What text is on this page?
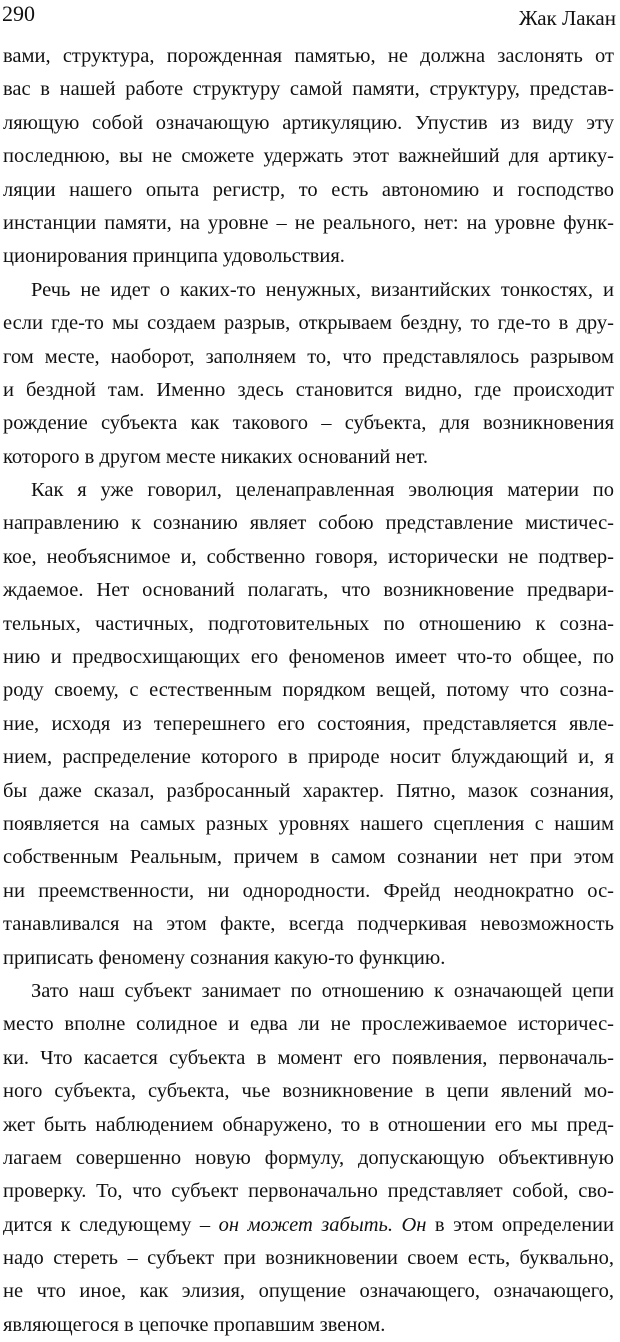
290	Жак Лакан
вами, структура, порожденная памятью, не должна заслонять от
вас в нашей работе структуру самой памяти, структуру, представ-
ляющую собой означающую артикуляцию. Упустив из виду эту
последнюю, вы не сможете удержать этот важнейший для артику-
ляции нашего опыта регистр, то есть автономию и господство
инстанции памяти, на уровне – не реального, нет: на уровне функ-
ционирования принципа удовольствия.
Речь не идет о каких-то ненужных, византийских тонкостях, и
если где-то мы создаем разрыв, открываем бездну, то где-то в дру-
гом месте, наоборот, заполняем то, что представлялось разрывом
и бездной там. Именно здесь становится видно, где происходит
рождение субъекта как такового – субъекта, для возникновения
которого в другом месте никаких оснований нет.
Как я уже говорил, целенаправленная эволюция материи по
направлению к сознанию являет собою представление мистичес-
кое, необъяснимое и, собственно говоря, исторически не подтвер-
ждаемое. Нет оснований полагать, что возникновение предвари-
тельных, частичных, подготовительных по отношению к созна-
нию и предвосхищающих его феноменов имеет что-то общее, по
роду своему, с естественным порядком вещей, потому что созна-
ние, исходя из теперешнего его состояния, представляется явле-
нием, распределение которого в природе носит блуждающий и, я
бы даже сказал, разбросанный характер. Пятно, мазок сознания,
появляется на самых разных уровнях нашего сцепления с нашим
собственным Реальным, причем в самом сознании нет при этом
ни преемственности, ни однородности. Фрейд неоднократно ос-
танавливался на этом факте, всегда подчеркивая невозможность
приписать феномену сознания какую-то функцию.
Зато наш субъект занимает по отношению к означающей цепи
место вполне солидное и едва ли не прослеживаемое историчес-
ки. Что касается субъекта в момент его появления, первоначаль-
ного субъекта, субъекта, чье возникновение в цепи явлений мо-
жет быть наблюдением обнаружено, то в отношении его мы пред-
лагаем совершенно новую формулу, допускающую объективную
проверку. То, что субъект первоначально представляет собой, сво-
дится к следующему – он может забыть. Он в этом определении
надо стереть – субъект при возникновении своем есть, буквально,
не что иное, как элизия, опущение означающего, означающего,
являющегося в цепочке пропавшим звеном.
